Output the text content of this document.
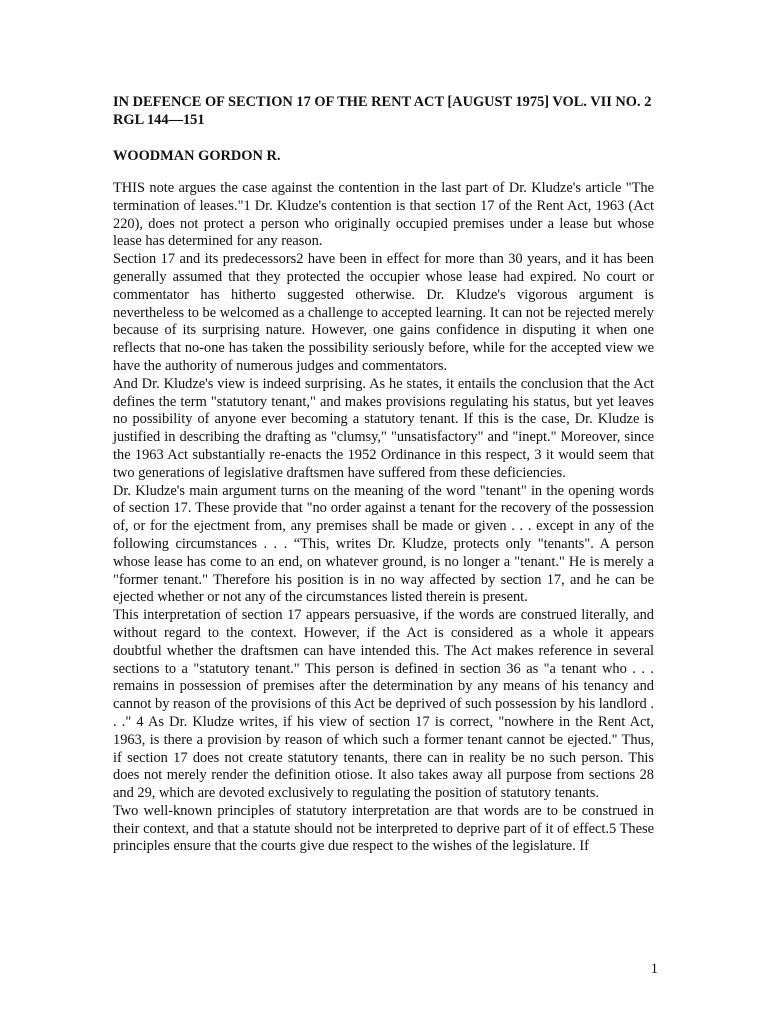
IN DEFENCE OF SECTION 17 OF THE RENT ACT [AUGUST 1975] VOL. VII NO. 2 RGL 144—151
WOODMAN GORDON R.

THIS note argues the case against the contention in the last part of Dr. Kludze's article "The termination of leases."1 Dr. Kludze's contention is that section 17 of the Rent Act, 1963 (Act 220), does not protect a person who originally occupied premises under a lease but whose lease has determined for any reason.

Section 17 and its predecessors2 have been in effect for more than 30 years, and it has been generally assumed that they protected the occupier whose lease had expired. No court or commentator has hitherto suggested otherwise. Dr. Kludze's vigorous argument is nevertheless to be welcomed as a challenge to accepted learning. It can not be rejected merely because of its surprising nature. However, one gains confidence in disputing it when one reflects that no-one has taken the possibility seriously before, while for the accepted view we have the authority of numerous judges and commentators.

And Dr. Kludze's view is indeed surprising. As he states, it entails the conclusion that the Act defines the term "statutory tenant," and makes provisions regulating his status, but yet leaves no possibility of anyone ever becoming a statutory tenant. If this is the case, Dr. Kludze is justified in describing the drafting as "clumsy," "unsatisfactory" and "inept." Moreover, since the 1963 Act substantially re-enacts the 1952 Ordinance in this respect, 3 it would seem that two generations of legislative draftsmen have suffered from these deficiencies.

Dr. Kludze's main argument turns on the meaning of the word "tenant" in the opening words of section 17. These provide that "no order against a tenant for the recovery of the possession of, or for the ejectment from, any premises shall be made or given . . . except in any of the following circumstances . . . “This, writes Dr. Kludze, protects only "tenants". A person whose lease has come to an end, on whatever ground, is no longer a "tenant." He is merely a "former tenant." Therefore his position is in no way affected by section 17, and he can be ejected whether or not any of the circumstances listed therein is present.

This interpretation of section 17 appears persuasive, if the words are construed literally, and without regard to the context. However, if the Act is considered as a whole it appears doubtful whether the draftsmen can have intended this. The Act makes reference in several sections to a "statutory tenant." This person is defined in section 36 as "a tenant who . . . remains in possession of premises after the determination by any means of his tenancy and cannot by reason of the provisions of this Act be deprived of such possession by his landlord . . ." 4 As Dr. Kludze writes, if his view of section 17 is correct, "nowhere in the Rent Act, 1963, is there a provision by reason of which such a former tenant cannot be ejected." Thus, if section 17 does not create statutory tenants, there can in reality be no such person. This does not merely render the definition otiose. It also takes away all purpose from sections 28 and 29, which are devoted exclusively to regulating the position of statutory tenants.

Two well-known principles of statutory interpretation are that words are to be construed in their context, and that a statute should not be interpreted to deprive part of it of effect.5 These principles ensure that the courts give due respect to the wishes of the legislature. If

1
